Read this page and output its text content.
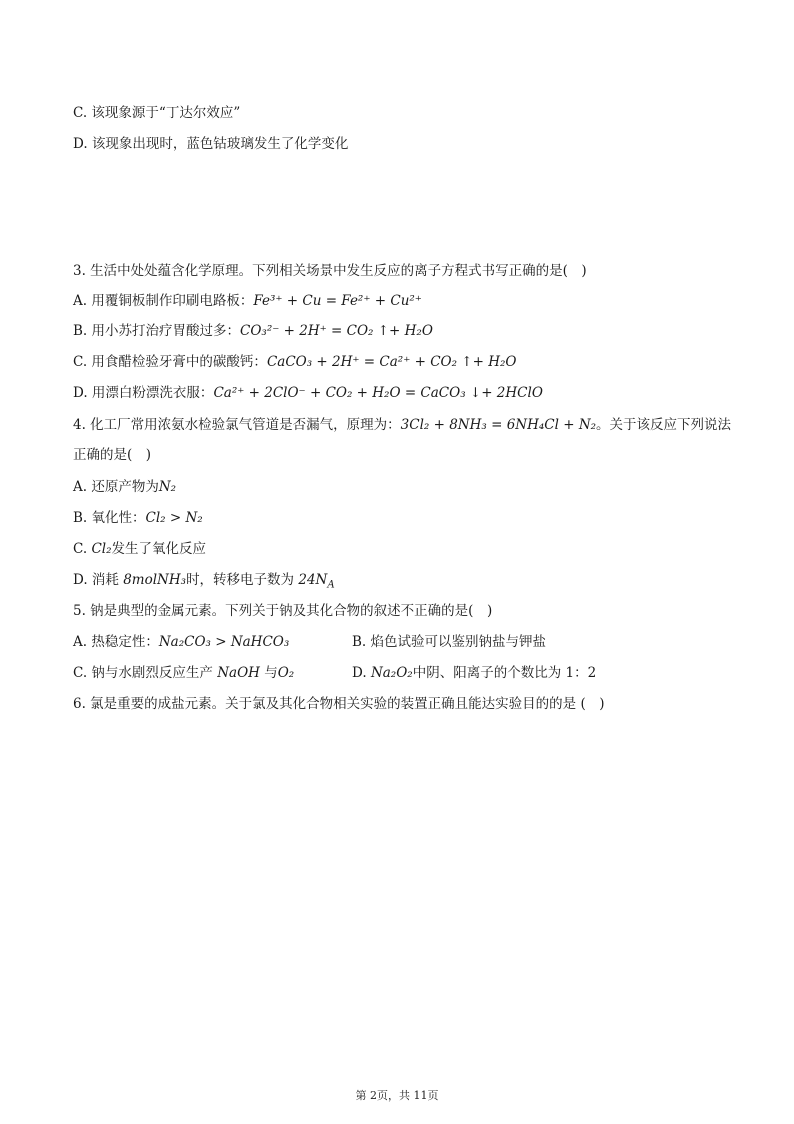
C. 该现象源于“丁达尔效应”
D. 该现象出现时，蓝色钴玻璃发生了化学变化
3. 生活中处处蕴含化学原理。下列相关场景中发生反应的离子方程式书写正确的是(　)
A. 用覆铜板制作印刷电路板：Fe³⁺ + Cu = Fe²⁺ + Cu²⁺
B. 用小苏打治疗胃酸过多：CO₃²⁻ + 2H⁺ = CO₂ ↑+ H₂O
C. 用食醋检验牙膏中的碳酸钙：CaCO₃ + 2H⁺ = Ca²⁺ + CO₂ ↑+ H₂O
D. 用漂白粉漂洗衣服：Ca²⁺ + 2ClO⁻ + CO₂ + H₂O = CaCO₃ ↓+ 2HClO
4. 化工厂常用浓氨水检验氯气管道是否漏气，原理为：3Cl₂ + 8NH₃ = 6NH₄Cl + N₂。关于该反应下列说法
正确的是(　)
A. 还原产物为N₂
B. 氧化性：Cl₂ > N₂
C. Cl₂发生了氧化反应
D. 消耗 8molNH₃时，转移电子数为 $24N_A$
5. 钠是典型的金属元素。下列关于钠及其化合物的叙述不正确的是(　)
A. 热稳定性：Na₂CO₃ > NaHCO₃	B. 焰色试验可以鉴别钠盐与钾盐
C. 钠与水剧烈反应生产 NaOH 与O₂	D. Na₂O₂中阴、阳离子的个数比为 1：2
6. 氯是重要的成盐元素。关于氯及其化合物相关实验的装置正确且能达实验目的的是 (　)
第 2页，共 11页
